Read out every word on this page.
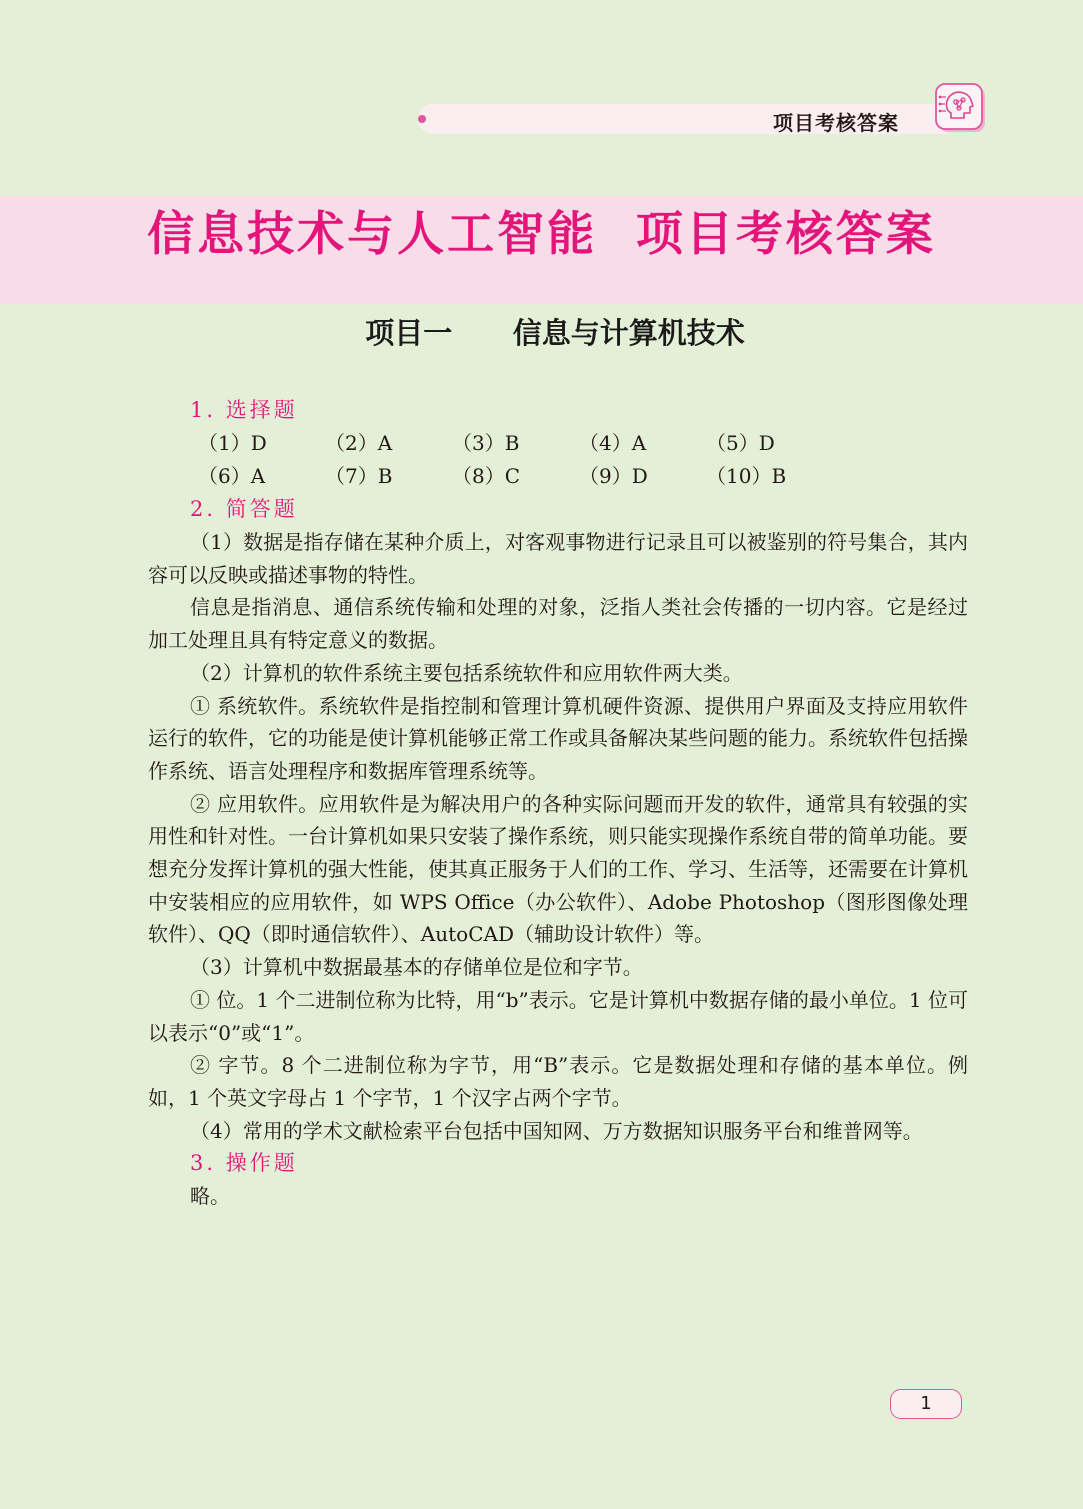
项目考核答案
信息技术与人工智能  项目考核答案
项目一      信息与计算机技术
1. 选择题
（1）D	（2）A	（3）B	（4）A	（5）D
（6）A	（7）B	（8）C	（9）D	（10）B
2. 简答题

（1）数据是指存储在某种介质上，对客观事物进行记录且可以被鉴别的符号集合，其内容可以反映或描述事物的特性。

信息是指消息、通信系统传输和处理的对象，泛指人类社会传播的一切内容。它是经过加工处理且具有特定意义的数据。

（2）计算机的软件系统主要包括系统软件和应用软件两大类。

① 系统软件。系统软件是指控制和管理计算机硬件资源、提供用户界面及支持应用软件运行的软件，它的功能是使计算机能够正常工作或具备解决某些问题的能力。系统软件包括操作系统、语言处理程序和数据库管理系统等。

② 应用软件。应用软件是为解决用户的各种实际问题而开发的软件，通常具有较强的实用性和针对性。一台计算机如果只安装了操作系统，则只能实现操作系统自带的简单功能。要想充分发挥计算机的强大性能，使其真正服务于人们的工作、学习、生活等，还需要在计算机中安装相应的应用软件，如 WPS Office（办公软件）、Adobe Photoshop（图形图像处理软件）、QQ（即时通信软件）、AutoCAD（辅助设计软件）等。

（3）计算机中数据最基本的存储单位是位和字节。

① 位。1 个二进制位称为比特，用“b”表示。它是计算机中数据存储的最小单位。1 位可以表示“0”或“1”。

② 字节。8 个二进制位称为字节，用“B”表示。它是数据处理和存储的基本单位。例如，1 个英文字母占 1 个字节，1 个汉字占两个字节。

（4）常用的学术文献检索平台包括中国知网、万方数据知识服务平台和维普网等。

3. 操作题

略。

1
